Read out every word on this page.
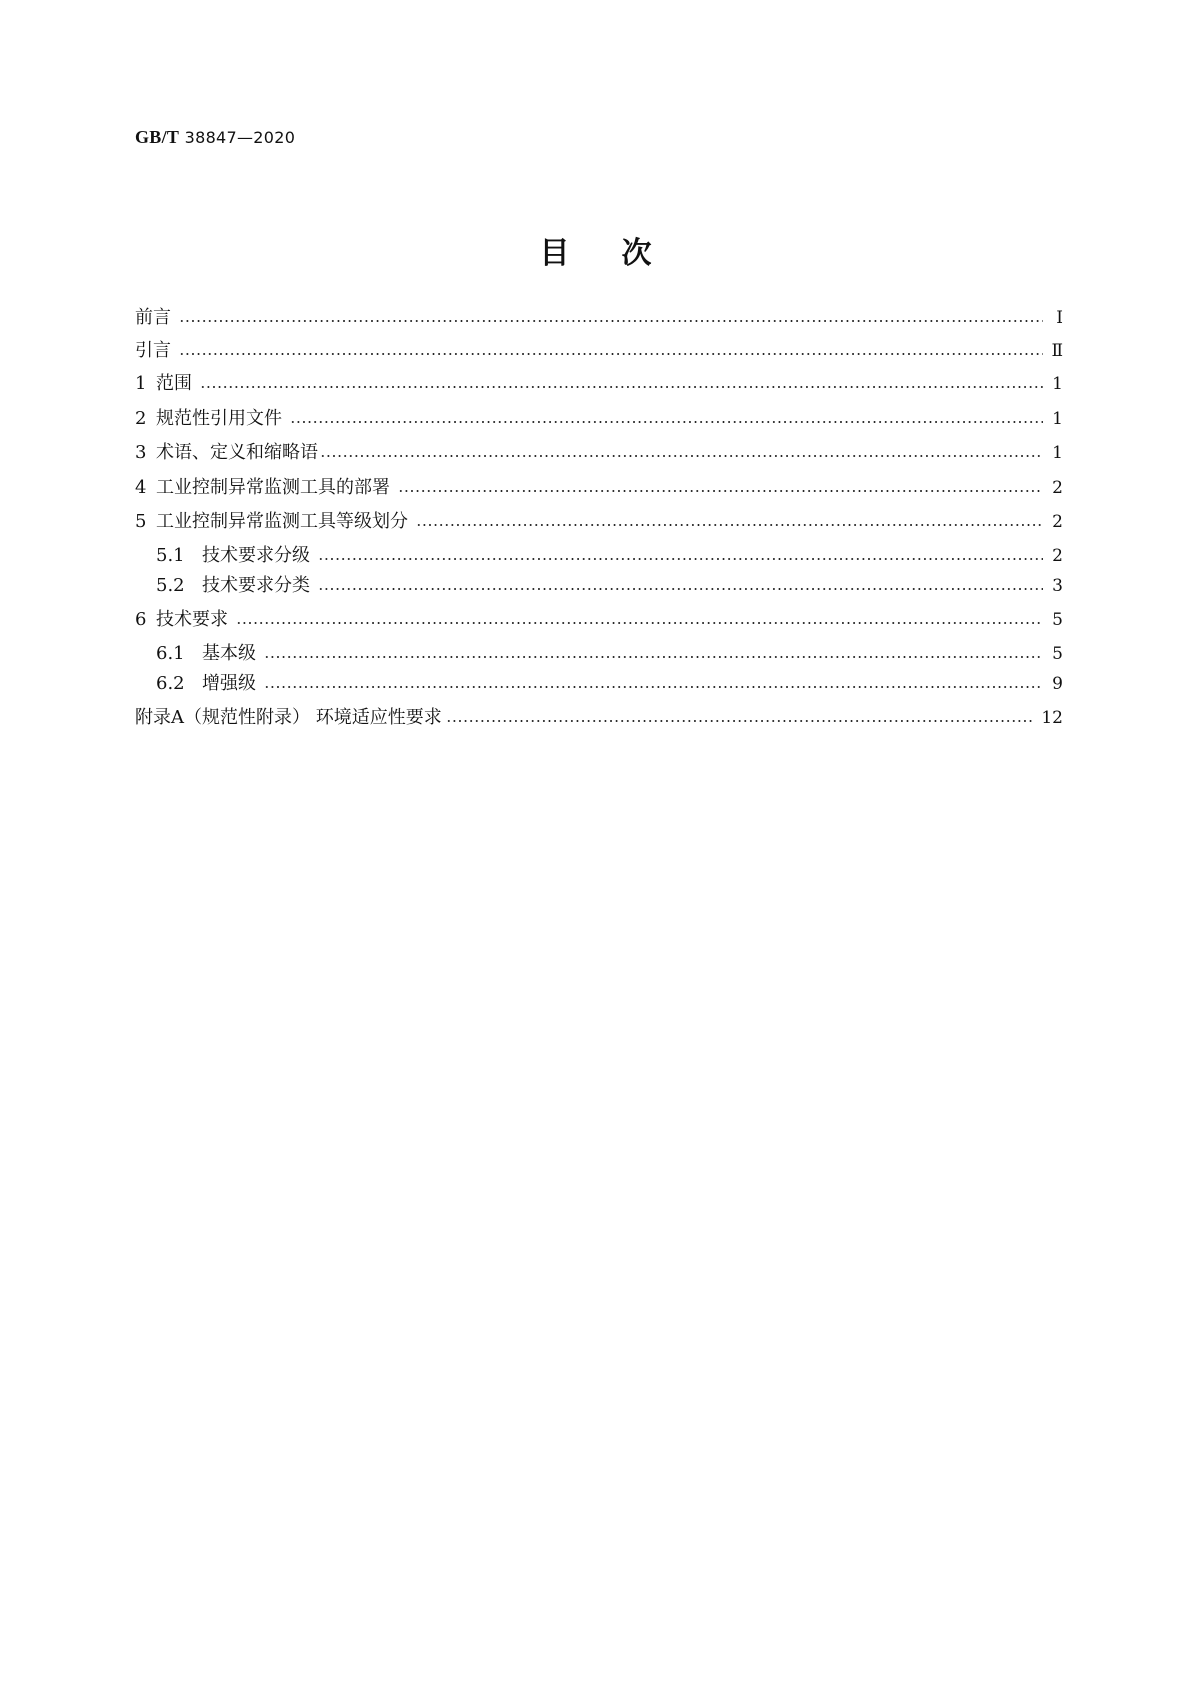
GB/T 38847—2020
目次
前言	Ⅰ
引言	Ⅱ
1 范围	1
2 规范性引用文件	1
3 术语、定义和缩略语	1
4 工业控制异常监测工具的部署	2
5 工业控制异常监测工具等级划分	2
5.1 技术要求分级	2
5.2 技术要求分类	3
6 技术要求	5
6.1 基本级	5
6.2 增强级	9
附录A （规范性附录） 环境适应性要求	12
